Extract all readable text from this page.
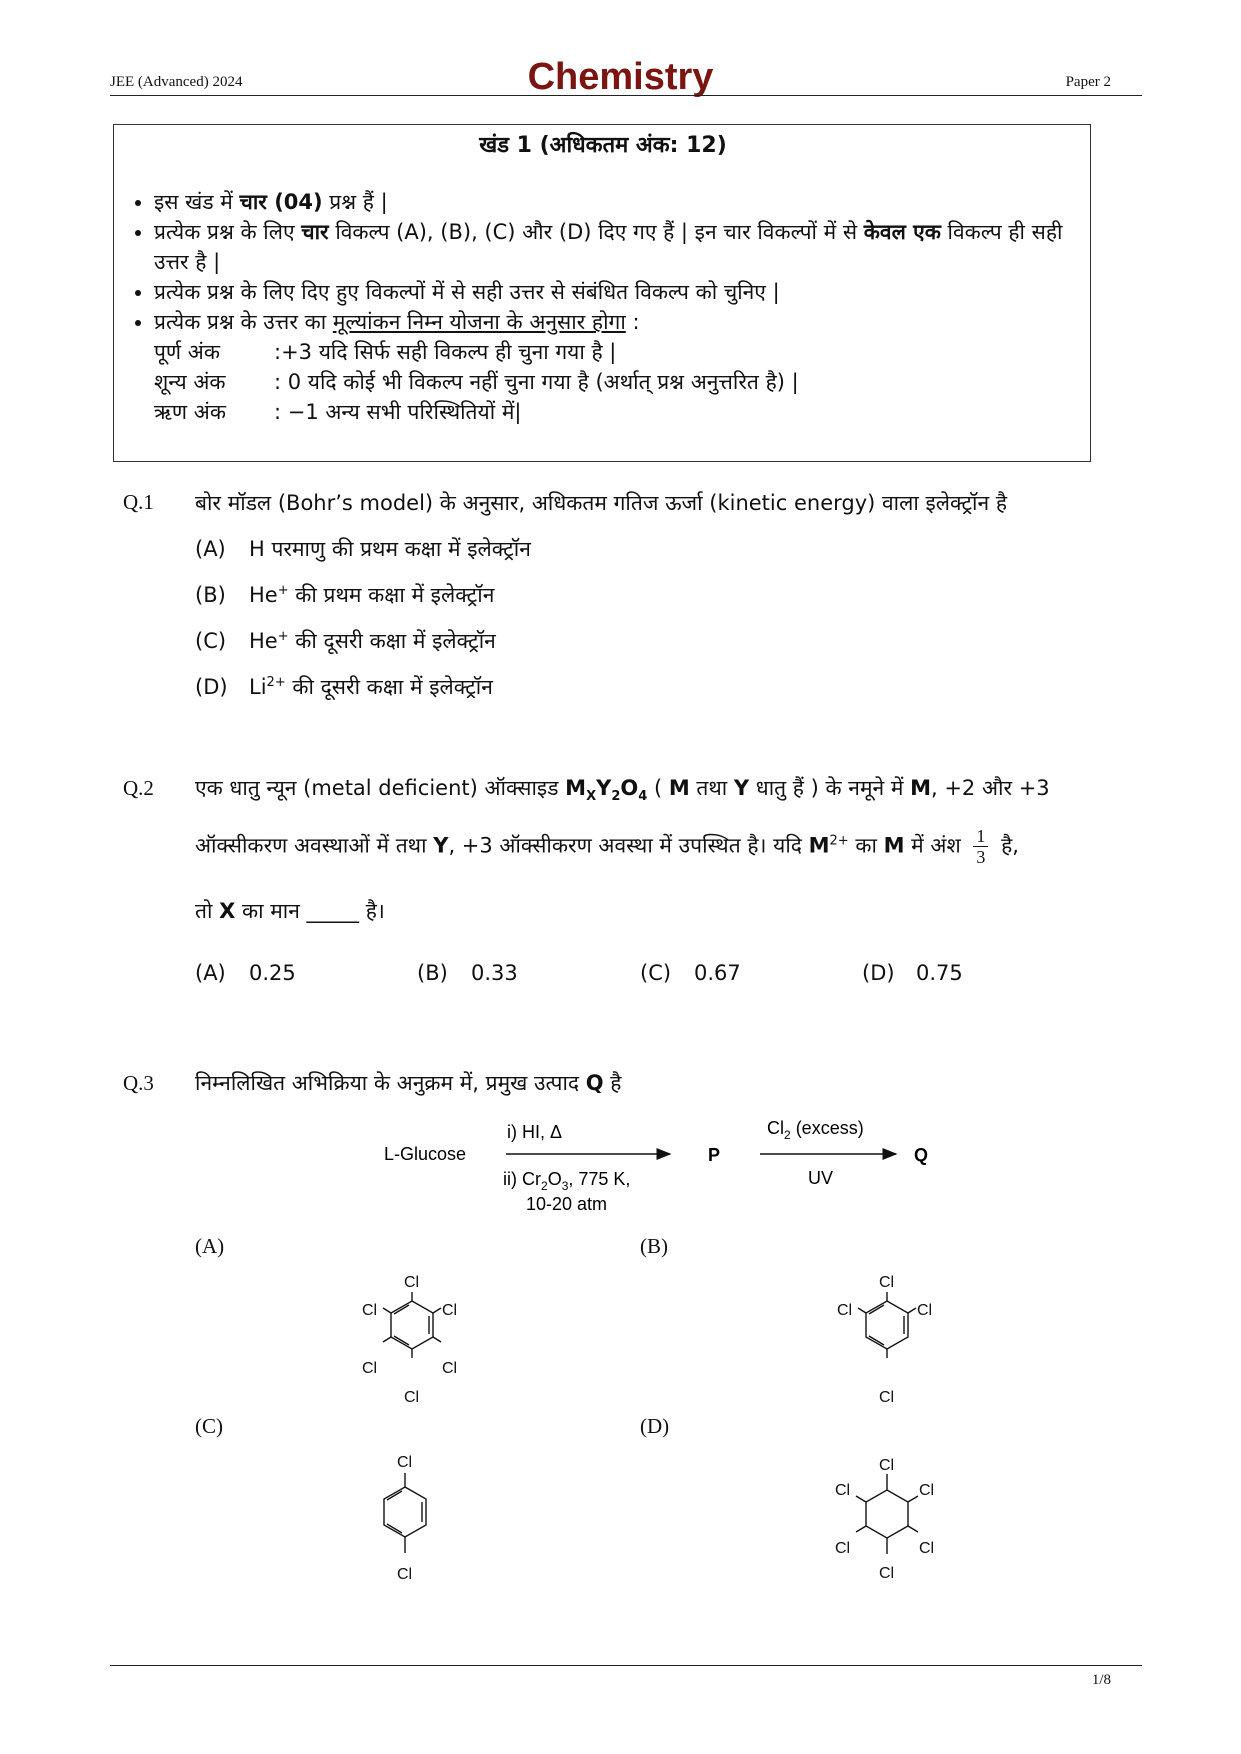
JEE (Advanced) 2024	Chemistry	Paper 2
खंड 1 (अधिकतम अंक: 12)
• इस खंड में चार (04) प्रश्न हैं |
• प्रत्येक प्रश्न के लिए चार विकल्प (A), (B), (C) और (D) दिए गए हैं | इन चार विकल्पों में से केवल एक विकल्प ही सही उत्तर है |
• प्रत्येक प्रश्न के लिए दिए हुए विकल्पों में से सही उत्तर से संबंधित विकल्प को चुनिए |
• प्रत्येक प्रश्न के उत्तर का मूल्यांकन निम्न योजना के अनुसार होगा :
पूर्ण अंक	:+3 यदि सिर्फ सही विकल्प ही चुना गया है |
शून्य अंक	: 0 यदि कोई भी विकल्प नहीं चुना गया है (अर्थात् प्रश्न अनुत्तरित है) |
ऋण अंक	: −1 अन्य सभी परिस्थितियों में|
Q.1 बोर मॉडल (Bohr’s model) के अनुसार, अधिकतम गतिज ऊर्जा (kinetic energy) वाला इलेक्ट्रॉन है
(A) H परमाणु की प्रथम कक्षा में इलेक्ट्रॉन
(B) He+ की प्रथम कक्षा में इलेक्ट्रॉन
(C) He+ की दूसरी कक्षा में इलेक्ट्रॉन
(D) $Li^{2+}$ की दूसरी कक्षा में इलेक्ट्रॉन
Q.2 एक धातु न्यून (metal deficient) ऑक्साइड $M_XY_2O_4$ ( M तथा Y धातु हैं ) के नमूने में M, +2 और +3
ऑक्सीकरण अवस्थाओं में तथा Y, +3 ऑक्सीकरण अवस्था में उपस्थित है। यदि $M^{2+}$ का M में अंश $\frac{1}{3}$ है,
तो X का मान _____ है।
(A) 0.25	(B) 0.33	(C) 0.67	(D) 0.75
Q.3 निम्नलिखित अभिक्रिया के अनुक्रम में, प्रमुख उत्पाद Q है
L-Glucose
i) HI, Δ
ii) $Cr_2O_3$, 775 K,
10-20 atm
P
$Cl_2$ (excess)
UV
Q
(A)	(B)
(C)	(D)
Cl
Cl
Cl
Cl
Cl
Cl
Cl
Cl
Cl
Cl
Cl
Cl
Cl
Cl
Cl
Cl
Cl
Cl
1/8
